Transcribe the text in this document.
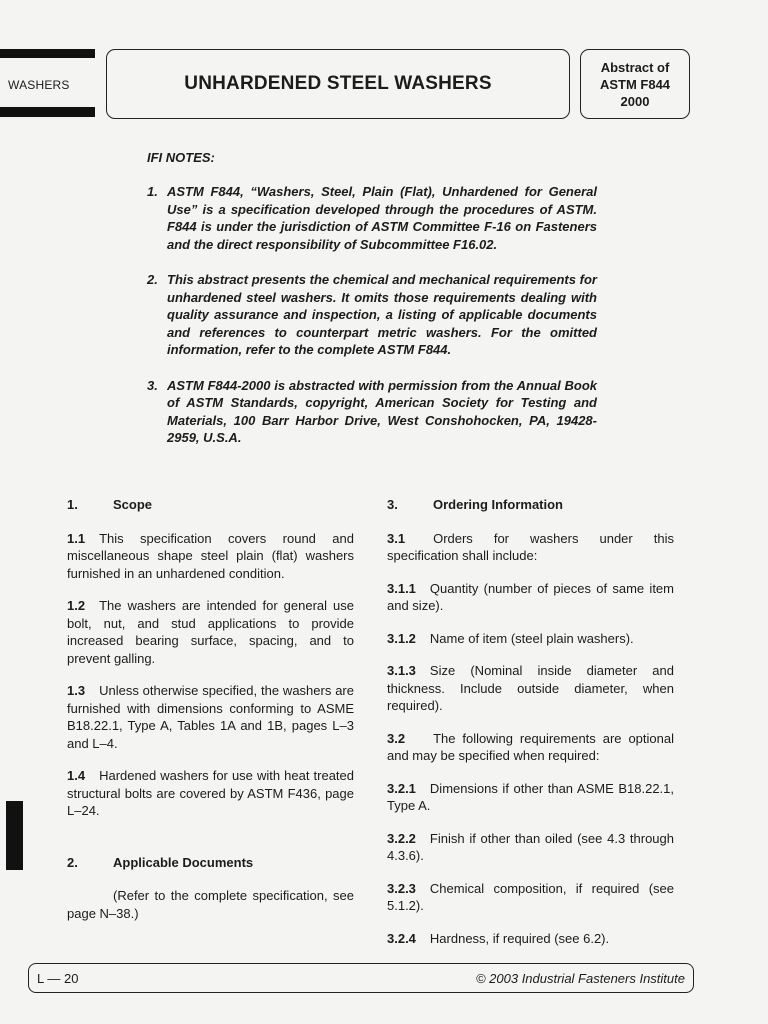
WASHERS	UNHARDENED STEEL WASHERS
Abstract of
ASTM F844
2000
IFI NOTES:
1. ASTM F844, “Washers, Steel, Plain (Flat), Unhardened for General Use” is a specification developed through the procedures of ASTM. F844 is under the jurisdiction of ASTM Committee F-16 on Fasteners and the direct responsibility of Subcommittee F16.02.
2. This abstract presents the chemical and mechanical requirements for unhardened steel washers. It omits those requirements dealing with quality assurance and inspection, a listing of applicable documents and references to counterpart metric washers. For the omitted information, refer to the complete ASTM F844.
3. ASTM F844-2000 is abstracted with permission from the Annual Book of ASTM Standards, copyright, American Society for Testing and Materials, 100 Barr Harbor Drive, West Conshohocken, PA, 19428-2959, U.S.A.
1.	Scope

1.1 This specification covers round and miscellaneous shape steel plain (flat) washers furnished in an unhardened condition.

1.2 The washers are intended for general use bolt, nut, and stud applications to provide increased bearing surface, spacing, and to prevent galling.

1.3 Unless otherwise specified, the washers are furnished with dimensions conforming to ASME B18.22.1, Type A, Tables 1A and 1B, pages L–3 and L–4.

1.4 Hardened washers for use with heat treated structural bolts are covered by ASTM F436, page L–24.

2.	Applicable Documents

(Refer to the complete specification, see page N–38.)

3.	Ordering Information

3.1 Orders for washers under this specification shall include:

3.1.1 Quantity (number of pieces of same item and size).

3.1.2 Name of item (steel plain washers).

3.1.3 Size (Nominal inside diameter and thickness. Include outside diameter, when required).

3.2 The following requirements are optional and may be specified when required:

3.2.1 Dimensions if other than ASME B18.22.1, Type A.

3.2.2 Finish if other than oiled (see 4.3 through 4.3.6).

3.2.3 Chemical composition, if required (see 5.1.2).

3.2.4 Hardness, if required (see 6.2).

L — 20	© 2003 Industrial Fasteners Institute
